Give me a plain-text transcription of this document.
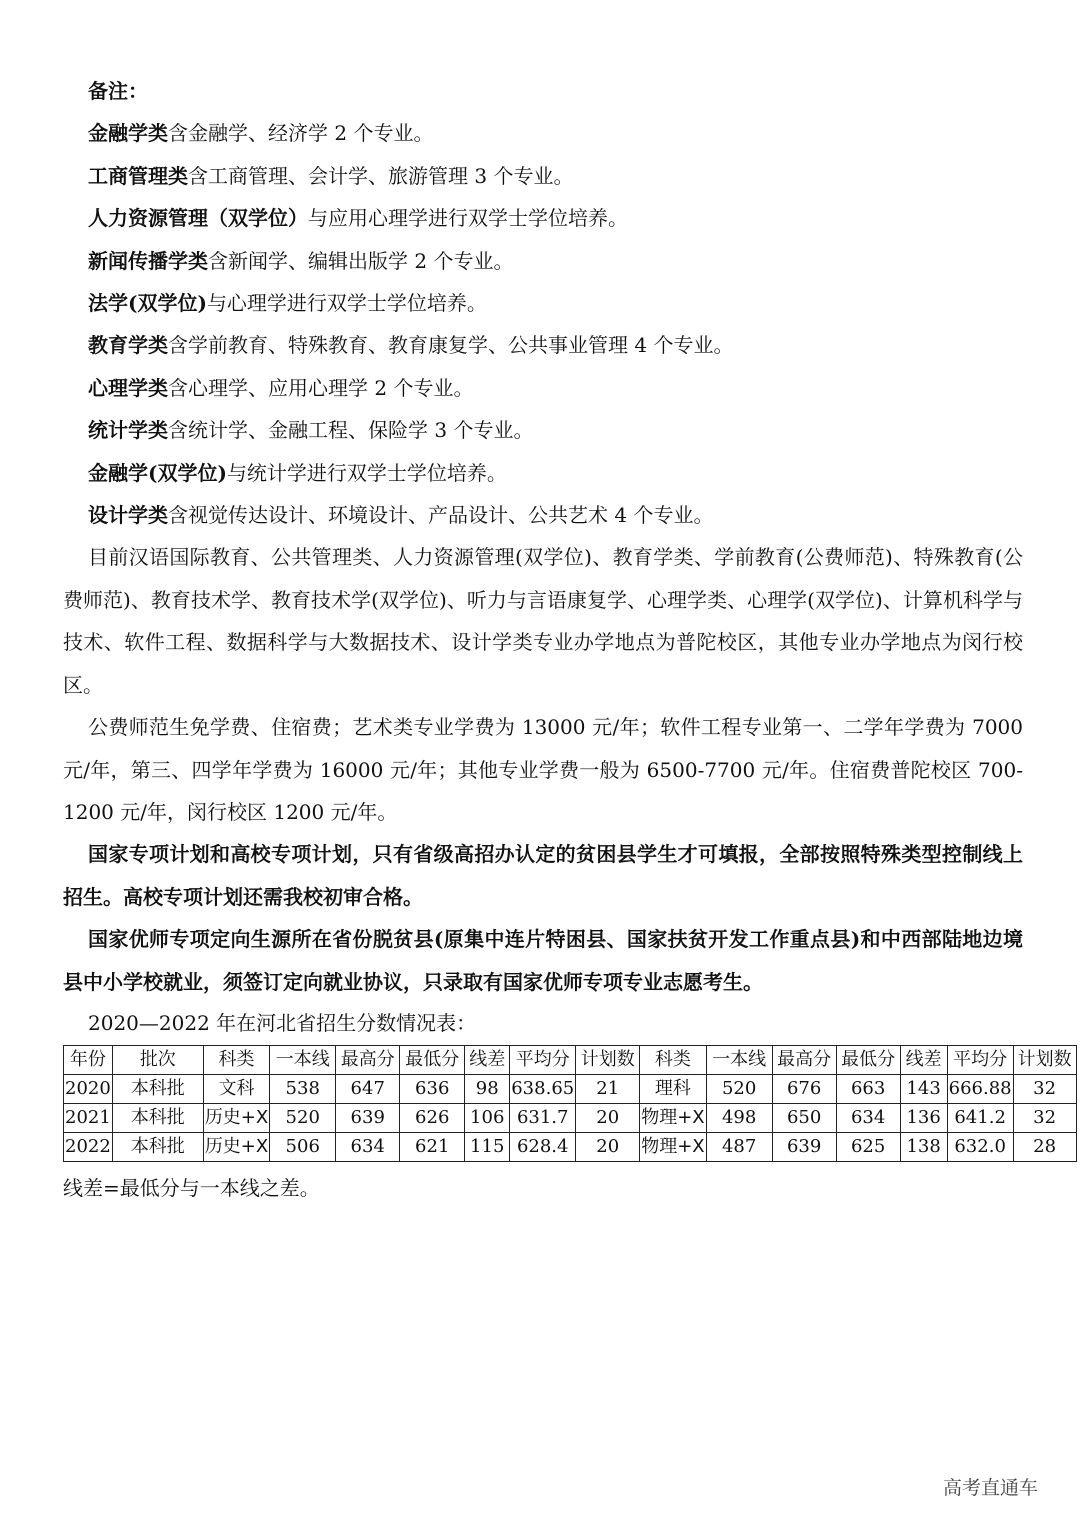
备注：
金融学类含金融学、经济学 2 个专业。
工商管理类含工商管理、会计学、旅游管理 3 个专业。
人力资源管理（双学位）与应用心理学进行双学士学位培养。
新闻传播学类含新闻学、编辑出版学 2 个专业。
法学(双学位)与心理学进行双学士学位培养。
教育学类含学前教育、特殊教育、教育康复学、公共事业管理 4 个专业。
心理学类含心理学、应用心理学 2 个专业。
统计学类含统计学、金融工程、保险学 3 个专业。
金融学(双学位)与统计学进行双学士学位培养。
设计学类含视觉传达设计、环境设计、产品设计、公共艺术 4 个专业。

目前汉语国际教育、公共管理类、人力资源管理(双学位)、教育学类、学前教育(公费师范)、特殊教育(公费师范)、教育技术学、教育技术学(双学位)、听力与言语康复学、心理学类、心理学(双学位)、计算机科学与技术、软件工程、数据科学与大数据技术、设计学类专业办学地点为普陀校区，其他专业办学地点为闵行校区。

公费师范生免学费、住宿费；艺术类专业学费为 13000 元/年；软件工程专业第一、二学年学费为 7000 元/年，第三、四学年学费为 16000 元/年；其他专业学费一般为 6500-7700 元/年。住宿费普陀校区 700-1200 元/年，闵行校区 1200 元/年。

国家专项计划和高校专项计划，只有省级高招办认定的贫困县学生才可填报，全部按照特殊类型控制线上招生。高校专项计划还需我校初审合格。

国家优师专项定向生源所在省份脱贫县(原集中连片特困县、国家扶贫开发工作重点县)和中西部陆地边境县中小学校就业，须签订定向就业协议，只录取有国家优师专项专业志愿考生。

2020—2022 年在河北省招生分数情况表：
年份	批次	科类	一本线	最高分	最低分	线差	平均分	计划数	科类	一本线	最高分	最低分	线差	平均分	计划数
2020	本科批	文科	538	647	636	98	638.65	21	理科	520	676	663	143	666.88	32
2021	本科批	历史+X	520	639	626	106	631.7	20	物理+X	498	650	634	136	641.2	32
2022	本科批	历史+X	506	634	621	115	628.4	20	物理+X	487	639	625	138	632.0	28
线差=最低分与一本线之差。
高考直通车
